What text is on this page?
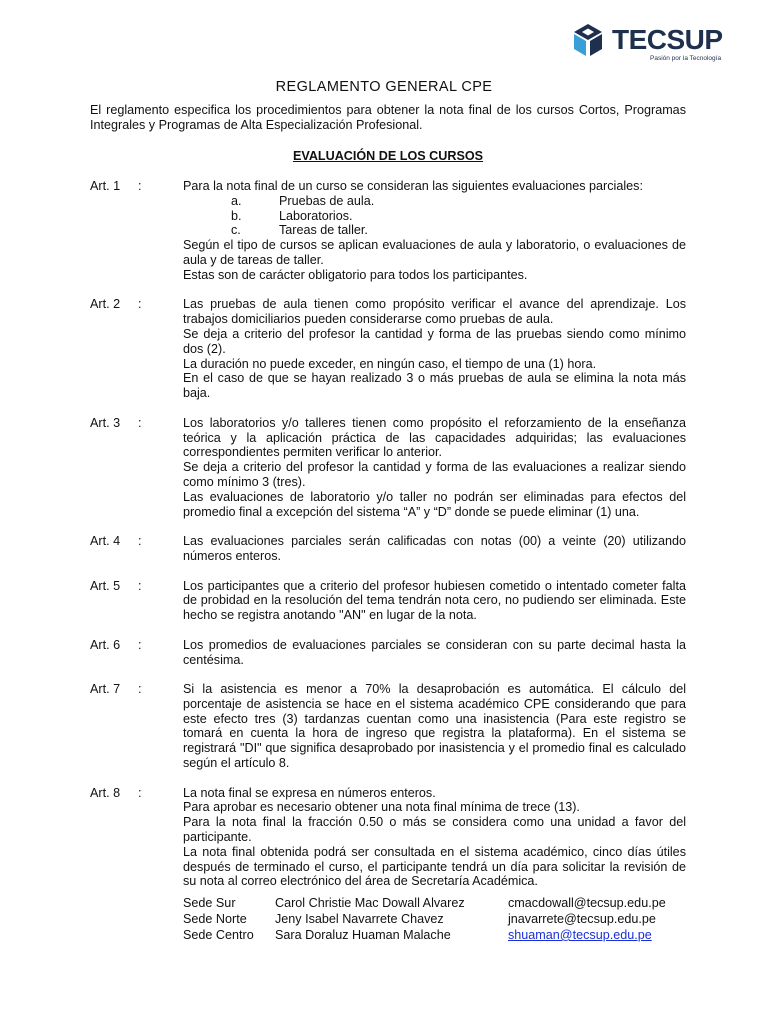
TECSUP
Pasión por la Tecnología
REGLAMENTO GENERAL CPE
El reglamento especifica los procedimientos para obtener la nota final de los cursos Cortos, Programas Integrales y Programas de Alta Especialización Profesional.
EVALUACIÓN DE LOS CURSOS
Art. 1	:	Para la nota final de un curso se consideran las siguientes evaluaciones parciales:

a.	Pruebas de aula.
b.	Laboratorios.
c.	Tareas de taller.

Según el tipo de cursos se aplican evaluaciones de aula y laboratorio, o evaluaciones de aula y de tareas de taller.

Estas son de carácter obligatorio para todos los participantes.

Art. 2	:	Las pruebas de aula tienen como propósito verificar el avance del aprendizaje. Los trabajos domiciliarios pueden considerarse como pruebas de aula.

Se deja a criterio del profesor la cantidad y forma de las pruebas siendo como mínimo dos (2).

La duración no puede exceder, en ningún caso, el tiempo de una (1) hora.

En el caso de que se hayan realizado 3 o más pruebas de aula se elimina la nota más baja.

Art. 3	:	Los laboratorios y/o talleres tienen como propósito el reforzamiento de la enseñanza teórica y la aplicación práctica de las capacidades adquiridas; las evaluaciones correspondientes permiten verificar lo anterior.

Se deja a criterio del profesor la cantidad y forma de las evaluaciones a realizar siendo como mínimo 3 (tres).

Las evaluaciones de laboratorio y/o taller no podrán ser eliminadas para efectos del promedio final a excepción del sistema “A” y “D” donde se puede eliminar (1) una.

Art. 4	:	Las evaluaciones parciales serán calificadas con notas (00) a veinte (20) utilizando números enteros.

Art. 5	:	Los participantes que a criterio del profesor hubiesen cometido o intentado cometer falta de probidad en la resolución del tema tendrán nota cero, no pudiendo ser eliminada. Este hecho se registra anotando "AN" en lugar de la nota.

Art. 6	:	Los promedios de evaluaciones parciales se consideran con su parte decimal hasta la centésima.

Art. 7	:	Si la asistencia es menor a 70% la desaprobación es automática. El cálculo del porcentaje de asistencia se hace en el sistema académico CPE considerando que para este efecto tres (3) tardanzas cuentan como una inasistencia (Para este registro se tomará en cuenta la hora de ingreso que registra la plataforma). En el sistema se registrará "DI" que significa desaprobado por inasistencia y el promedio final es calculado según el artículo 8.

Art. 8	:	La nota final se expresa en números enteros.

Para aprobar es necesario obtener una nota final mínima de trece (13).

Para la nota final la fracción 0.50 o más se considera como una unidad a favor del participante.

La nota final obtenida podrá ser consultada en el sistema académico, cinco días útiles después de terminado el curso, el participante tendrá un día para solicitar la revisión de su nota al correo electrónico del área de Secretaría Académica.

Sede Sur	Carol Christie Mac Dowall Alvarez	cmacdowall@tecsup.edu.pe
Sede Norte	Jeny Isabel Navarrete Chavez	jnavarrete@tecsup.edu.pe
Sede Centro	Sara Doraluz Huaman Malache	shuaman@tecsup.edu.pe
